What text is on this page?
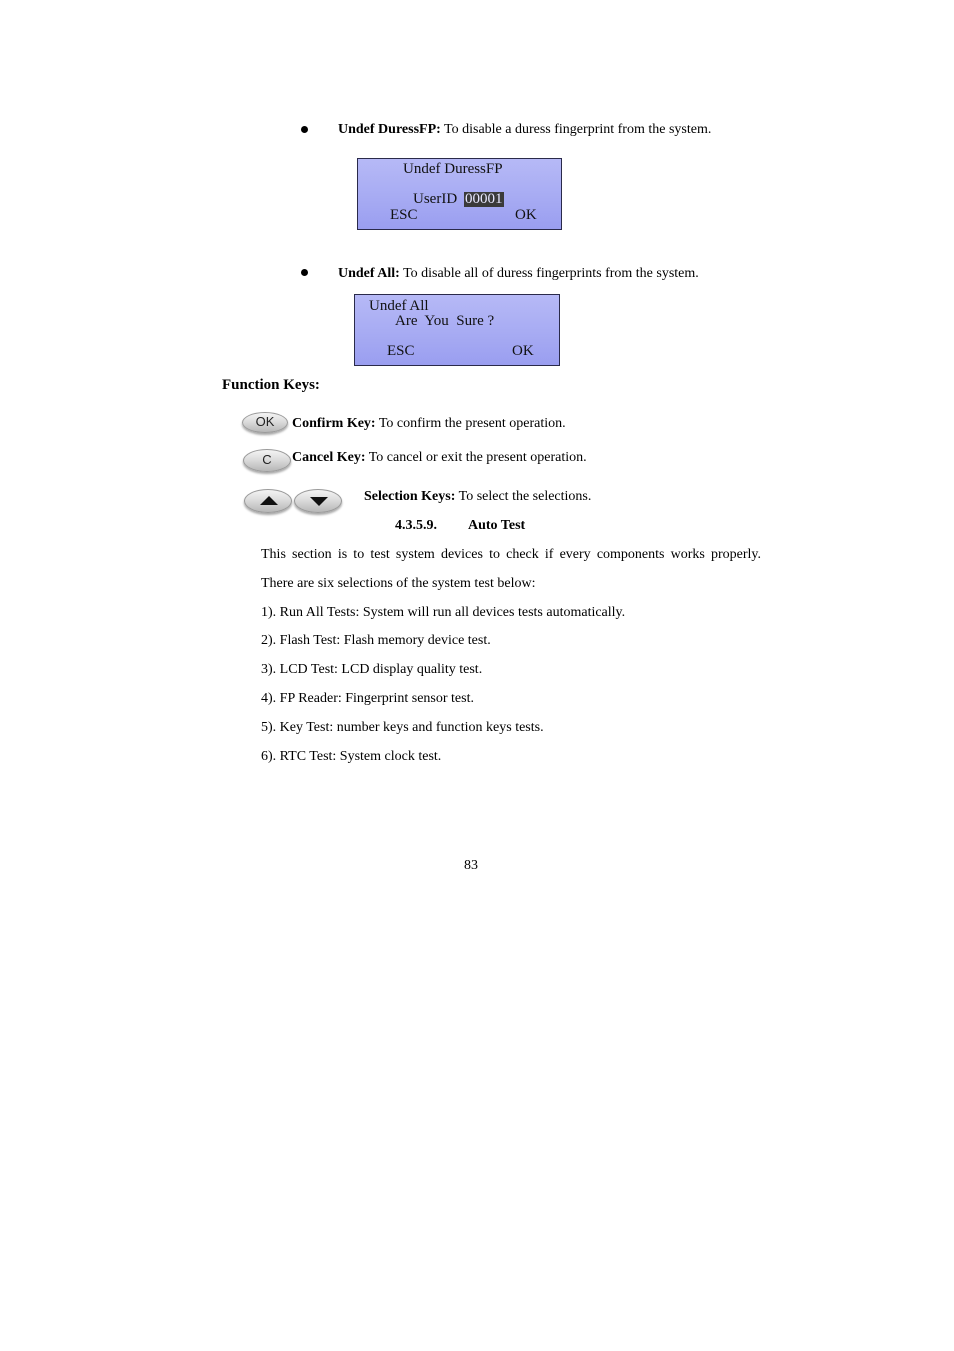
Undef DuressFP: To disable a duress fingerprint from the system.
Undef DuressFP
UserID 00001
ESC	OK
Undef All: To disable all of duress fingerprints from the system.
Undef All
Are  You  Sure ?
ESC	OK
Function Keys:
OK	Confirm Key: To confirm the present operation.
C	Cancel Key: To cancel or exit the present operation.
Selection Keys: To select the selections.
4.3.5.9. Auto Test
This section is to test system devices to check if every components works properly.
There are six selections of the system test below:
1). Run All Tests: System will run all devices tests automatically.
2). Flash Test: Flash memory device test.
3). LCD Test: LCD display quality test.
4). FP Reader: Fingerprint sensor test.
5). Key Test: number keys and function keys tests.
6). RTC Test: System clock test.
83
